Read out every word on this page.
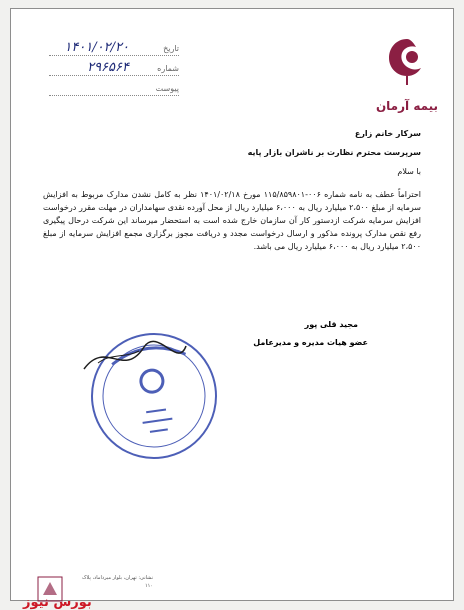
تاریخ
۱۴۰۱/۰۲/۲۰
شماره
۲۹۶۵۶۴
پیوست
بیمه آرمان

سرکار خانم زارع

سرپرست محترم نظارت بر ناشران بازار پایه

با سلام

احتراماً عطف به نامه شماره ۰۰۶-۱۱۵/۸۵۹۸۰۱ مورخ ۱۴۰۱/۰۲/۱۸ نظر به کامل نشدن مدارک مربوط به افزایش سرمایه از مبلغ ۲،۵۰۰ میلیارد ریال به ۶،۰۰۰ میلیارد ریال از محل آورده نقدی سهامداران در مهلت مقرر درخواست افزایش سرمایه شرکت ازدستور کار آن سازمان خارج شده است به استحضار میرساند این شرکت درحال پیگیری رفع نقص مدارک پرونده مذکور و ارسال درخواست مجدد و دریافت مجوز برگزاری مجمع افزایش سرمایه از مبلغ ۲،۵۰۰ میلیارد ریال به ۶،۰۰۰ میلیارد ریال می باشد.

مجید قلی پور
عضو هیات مدیره و مدیرعامل
نشانی: تهران، بلوار میرداماد، پلاک ۱۱۰
بورس نیوز
